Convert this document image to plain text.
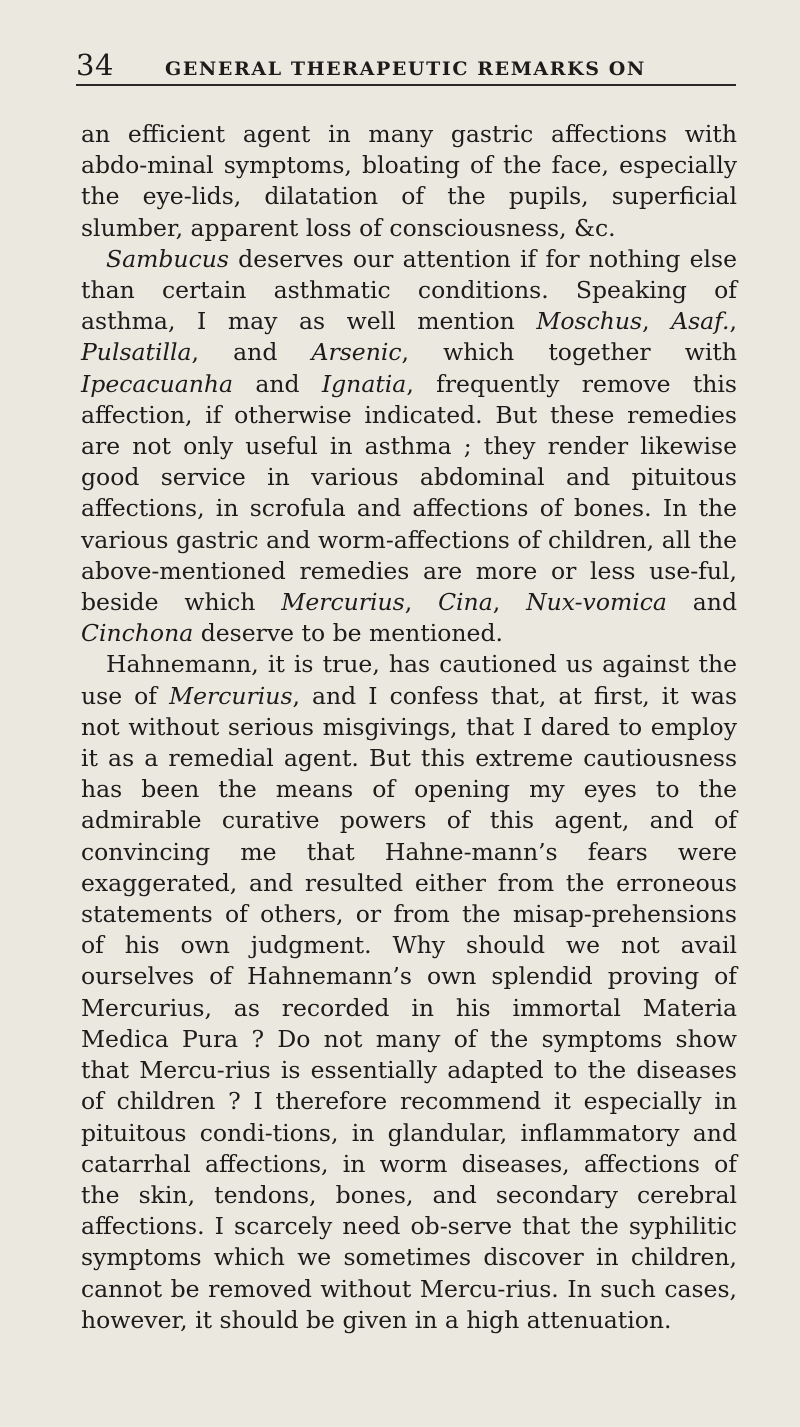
34	GENERAL THERAPEUTIC REMARKS ON

an efficient agent in many gastric affections with abdo-minal symptoms, bloating of the face, especially the eye-lids, dilatation of the pupils, superficial slumber, apparent loss of consciousness, &c.

Sambucus deserves our attention if for nothing else than certain asthmatic conditions. Speaking of asthma, I may as well mention Moschus, Asaf., Pulsatilla, and Arsenic, which together with Ipecacuanha and Ignatia, frequently remove this affection, if otherwise indicated. But these remedies are not only useful in asthma ; they render likewise good service in various abdominal and pituitous affections, in scrofula and affections of bones. In the various gastric and worm-affections of children, all the above-mentioned remedies are more or less use-ful, beside which Mercurius, Cina, Nux-vomica and Cinchona deserve to be mentioned.

Hahnemann, it is true, has cautioned us against the use of Mercurius, and I confess that, at first, it was not without serious misgivings, that I dared to employ it as a remedial agent. But this extreme cautiousness has been the means of opening my eyes to the admirable curative powers of this agent, and of convincing me that Hahne-mann’s fears were exaggerated, and resulted either from the erroneous statements of others, or from the misap-prehensions of his own judgment. Why should we not avail ourselves of Hahnemann’s own splendid proving of Mercurius, as recorded in his immortal Materia Medica Pura ? Do not many of the symptoms show that Mercu-rius is essentially adapted to the diseases of children ? I therefore recommend it especially in pituitous condi-tions, in glandular, inflammatory and catarrhal affections, in worm diseases, affections of the skin, tendons, bones, and secondary cerebral affections. I scarcely need ob-serve that the syphilitic symptoms which we sometimes discover in children, cannot be removed without Mercu-rius. In such cases, however, it should be given in a high attenuation.
